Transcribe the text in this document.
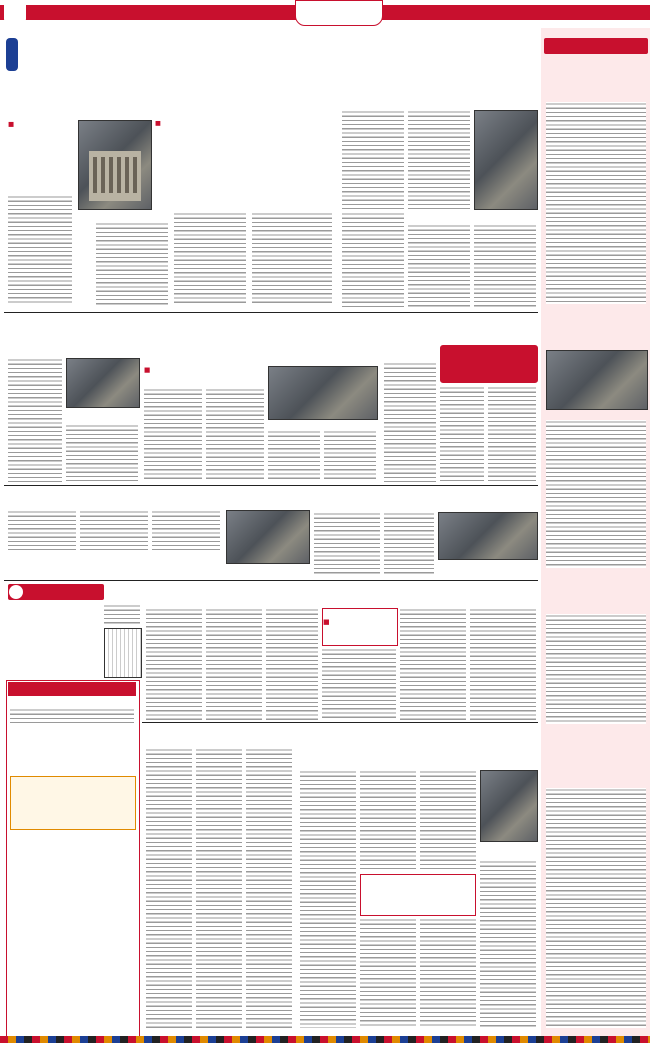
■	■
■
■
